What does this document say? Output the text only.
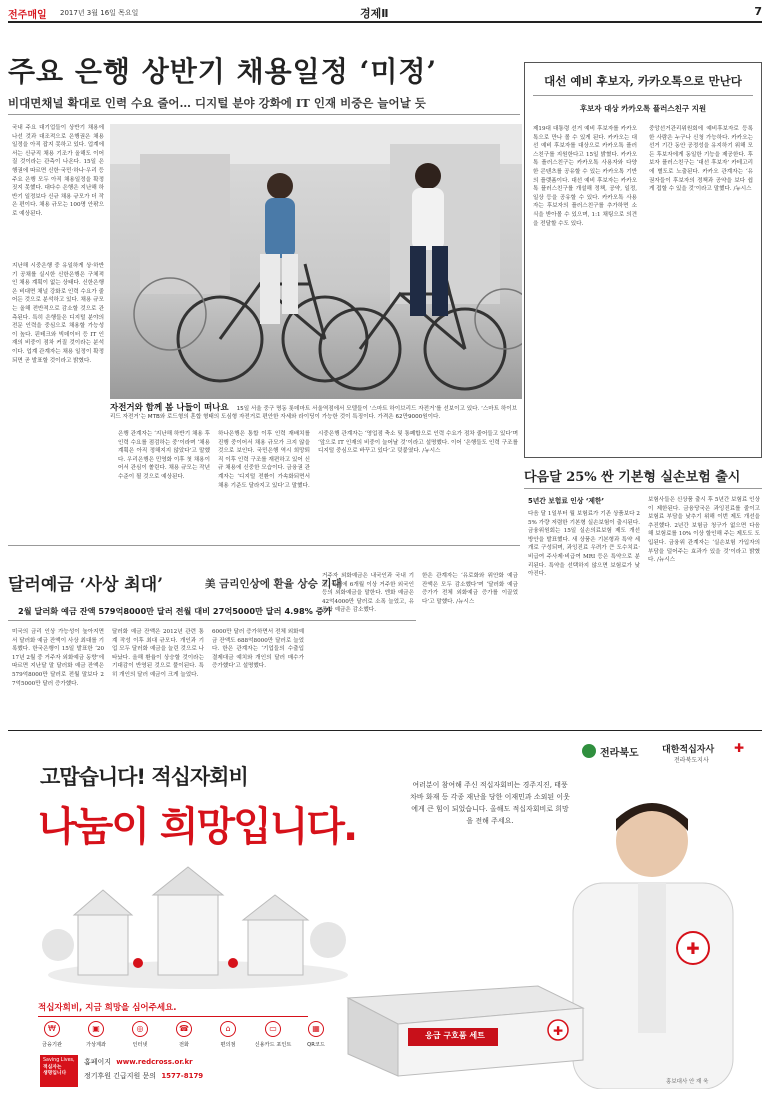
전주매일 2017년 3월 16일 목요일	경제Ⅱ	7
주요 은행 상반기 채용일정 ‘미정’
비대면채널 확대로 인력 수요 줄어… 디지털 분야 강화에 IT 인재 비중은 늘어날 듯
국내 주요 대기업들이 상반기 채용에 나선 것과 대조적으로 은행권은 채용 일정을 아직 잡지 못하고 있다. 업계에서는 신규직 채용 기조가 올해도 이어질 것이라는 관측이 나온다. 15일 은행권에 따르면 신한·국민·하나·우리 등 주요 은행 모두 아직 채용일정을 확정짓지 못했다. 대다수 은행은 지난해 하반기 일정보다 신규 채용 규모가 더 작은 편이다. 채용 규모는 100명 안팎으로 예상된다.
지난해 시중은행 중 유일하게 상·하반기 공채를 실시한 신한은행은 구체적인 채용 계획이 없는 상태다. 신한은행은 비대면 채널 강화로 인력 수요가 줄어든 것으로 분석하고 있다. 채용 규모는 올해 전반적으로 감소할 것으로 관측된다. 특히 은행들은 디지털 분야의 전문 인력을 중심으로 채용할 가능성이 높다. 핀테크와 빅데이터 등 IT 인재의 비중이 점차 커질 것이라는 분석이다. 업계 관계자는 채용 일정이 확정되면 곧 발표할 것이라고 밝혔다.
자전거와 함께 봄 나들이 떠나요 15일 서울 중구 명동 롯데마트 서울역점에서 모델들이 ‘스마트 하이브리드 자전거’를 선보이고 있다. ‘스마트 하이브리드 자전거’는 MTB와 로드형의 혼합 형태의 도심형 자전거로 편안한 자세와 라이딩이 가능한 것이 특징이다. 가격은 62만9000원이다.
은행 관계자는 ‘지난해 하반기 채용 후 인력 수요를 점검하는 중’이라며 ‘채용 계획은 아직 정해지지 않았다’고 말했다. 우리은행은 민영화 이후 첫 채용이어서 관심이 쏠린다. 채용 규모는 작년 수준이 될 것으로 예상된다.
하나은행은 통합 이후 인력 재배치를 진행 중이어서 채용 규모가 크지 않을 것으로 보인다. 국민은행 역시 희망퇴직 이후 인력 구조를 재편하고 있어 신규 채용에 신중한 모습이다. 금융권 관계자는 ‘디지털 전환이 가속화되면서 채용 기준도 달라지고 있다’고 말했다.
시중은행 관계자는 ‘영업점 축소 및 통폐합으로 인력 수요가 점차 줄어들고 있다’며 ‘앞으로 IT 인재의 비중이 늘어날 것’이라고 설명했다. 이어 ‘은행들도 인력 구조를 디지털 중심으로 바꾸고 있다’고 덧붙였다. /뉴시스
대선 예비 후보자, 카카오톡으로 만난다
후보자 대상 카카오톡 플러스친구 지원
제19대 대통령 선거 예비 후보자를 카카오톡으로 만나 볼 수 있게 된다. 카카오는 대선 예비 후보자를 대상으로 카카오톡 플러스친구를 지원한다고 15일 밝혔다. 카카오톡 플러스친구는 카카오톡 사용자와 다양한 콘텐츠를 공유할 수 있는 카카오톡 기반의 플랫폼이다. 대선 예비 후보자는 카카오톡 플러스친구를 개설해 정책, 공약, 일정, 일상 등을 공유할 수 있다. 카카오톡 사용자는 후보자의 플러스친구를 추가하면 소식을 받아볼 수 있으며, 1:1 채팅으로 의견을 전달할 수도 있다.
중앙선거관리위원회에 예비후보자로 등록한 사람은 누구나 신청 가능하다. 카카오는 선거 기간 동안 공정성을 유지하기 위해 모든 후보자에게 동일한 기능을 제공한다. 후보자 플러스친구는 ‘대선 후보자’ 카테고리에 별도로 노출된다. 카카오 관계자는 ‘유권자들이 후보자의 정책과 공약을 보다 쉽게 접할 수 있을 것’이라고 말했다. /뉴시스
다음달 25% 싼 기본형 실손보험 출시
5년간 보험료 인상 ‘제한’
다음 달 1일부터 월 보험료가 기존 상품보다 25% 가량 저렴한 기본형 실손보험이 출시된다. 금융위원회는 15일 실손의료보험 제도 개선 방안을 발표했다. 새 상품은 기본형과 특약 세 개로 구성되며, 과잉진료 우려가 큰 도수치료·비급여 주사제·비급여 MRI 등은 특약으로 분리된다. 특약을 선택하지 않으면 보험료가 낮아진다.
보험사들은 신상품 출시 후 5년간 보험료 인상이 제한된다. 금융당국은 과잉진료를 줄이고 보험료 부담을 낮추기 위해 이번 제도 개선을 추진했다. 2년간 보험금 청구가 없으면 다음 해 보험료를 10% 이상 할인해 주는 제도도 도입된다. 금융위 관계자는 ‘실손보험 가입자의 부담을 덜어주는 효과가 있을 것’이라고 밝혔다. /뉴시스
달러예금 ‘사상 최대’	美 금리인상에 환율 상승 기대
2월 달러화 예금 잔액 579억8000만 달러 전월 대비 27억5000만 달러 4.98% 증가
미국의 금리 인상 가능성이 높아지면서 달러화 예금 잔액이 사상 최대를 기록했다. 한국은행이 15일 발표한 ‘2017년 2월 중 거주자 외화예금 동향’에 따르면 지난달 말 달러화 예금 잔액은 579억8000만 달러로 전월 말보다 27억5000만 달러 증가했다.
달러화 예금 잔액은 2012년 관련 통계 작성 이후 최대 규모다. 개인과 기업 모두 달러화 예금을 늘린 것으로 나타났다. 올해 환율이 상승할 것이라는 기대감이 반영된 것으로 풀이된다. 특히 개인의 달러 예금이 크게 늘었다.
6000만 달러 증가하면서 전체 외화예금 잔액도 688억8000만 달러로 늘었다. 한은 관계자는 ‘기업들의 수출입 결제대금 예치와 개인의 달러 매수가 증가했다’고 설명했다.
거주자 외화예금은 내국인과 국내 기업, 국내에 6개월 이상 거주한 외국인 등의 외화예금을 말한다. 엔화 예금은 42억4000만 달러로 소폭 늘었고, 유로화 예금은 감소했다.
한은 관계자는 ‘유로화와 위안화 예금 잔액은 모두 감소했다’며 ‘달러화 예금 증가가 전체 외화예금 증가를 이끌었다’고 말했다. /뉴시스
전라북도	대한적십자사 ✚
전라북도지사
고맙습니다! 적십자회비
나눔이 희망입니다.
여러분이 참여해 주신 적십자회비는 경주지진, 태풍 차바 화재 등 각종 재난을 당한 이재민과 소외된 이웃에게 큰 힘이 되었습니다. 올해도 적십자회비로 희망을 전해 주세요.
✚
✚
응급 구호품 세트
적십자회비, 지금 희망을 심어주세요.
₩
금융기관
▣
가상계좌
◎
인터넷
☎
전화
⌂
편의점
▭
신용카드 포인트
▦
QR코드
Saving Lives,
적십자는
생명입니다
홈페이지 www.redcross.or.kr
정기후원 긴급지원 문의 1577-8179
홍보대사 안 재 욱
